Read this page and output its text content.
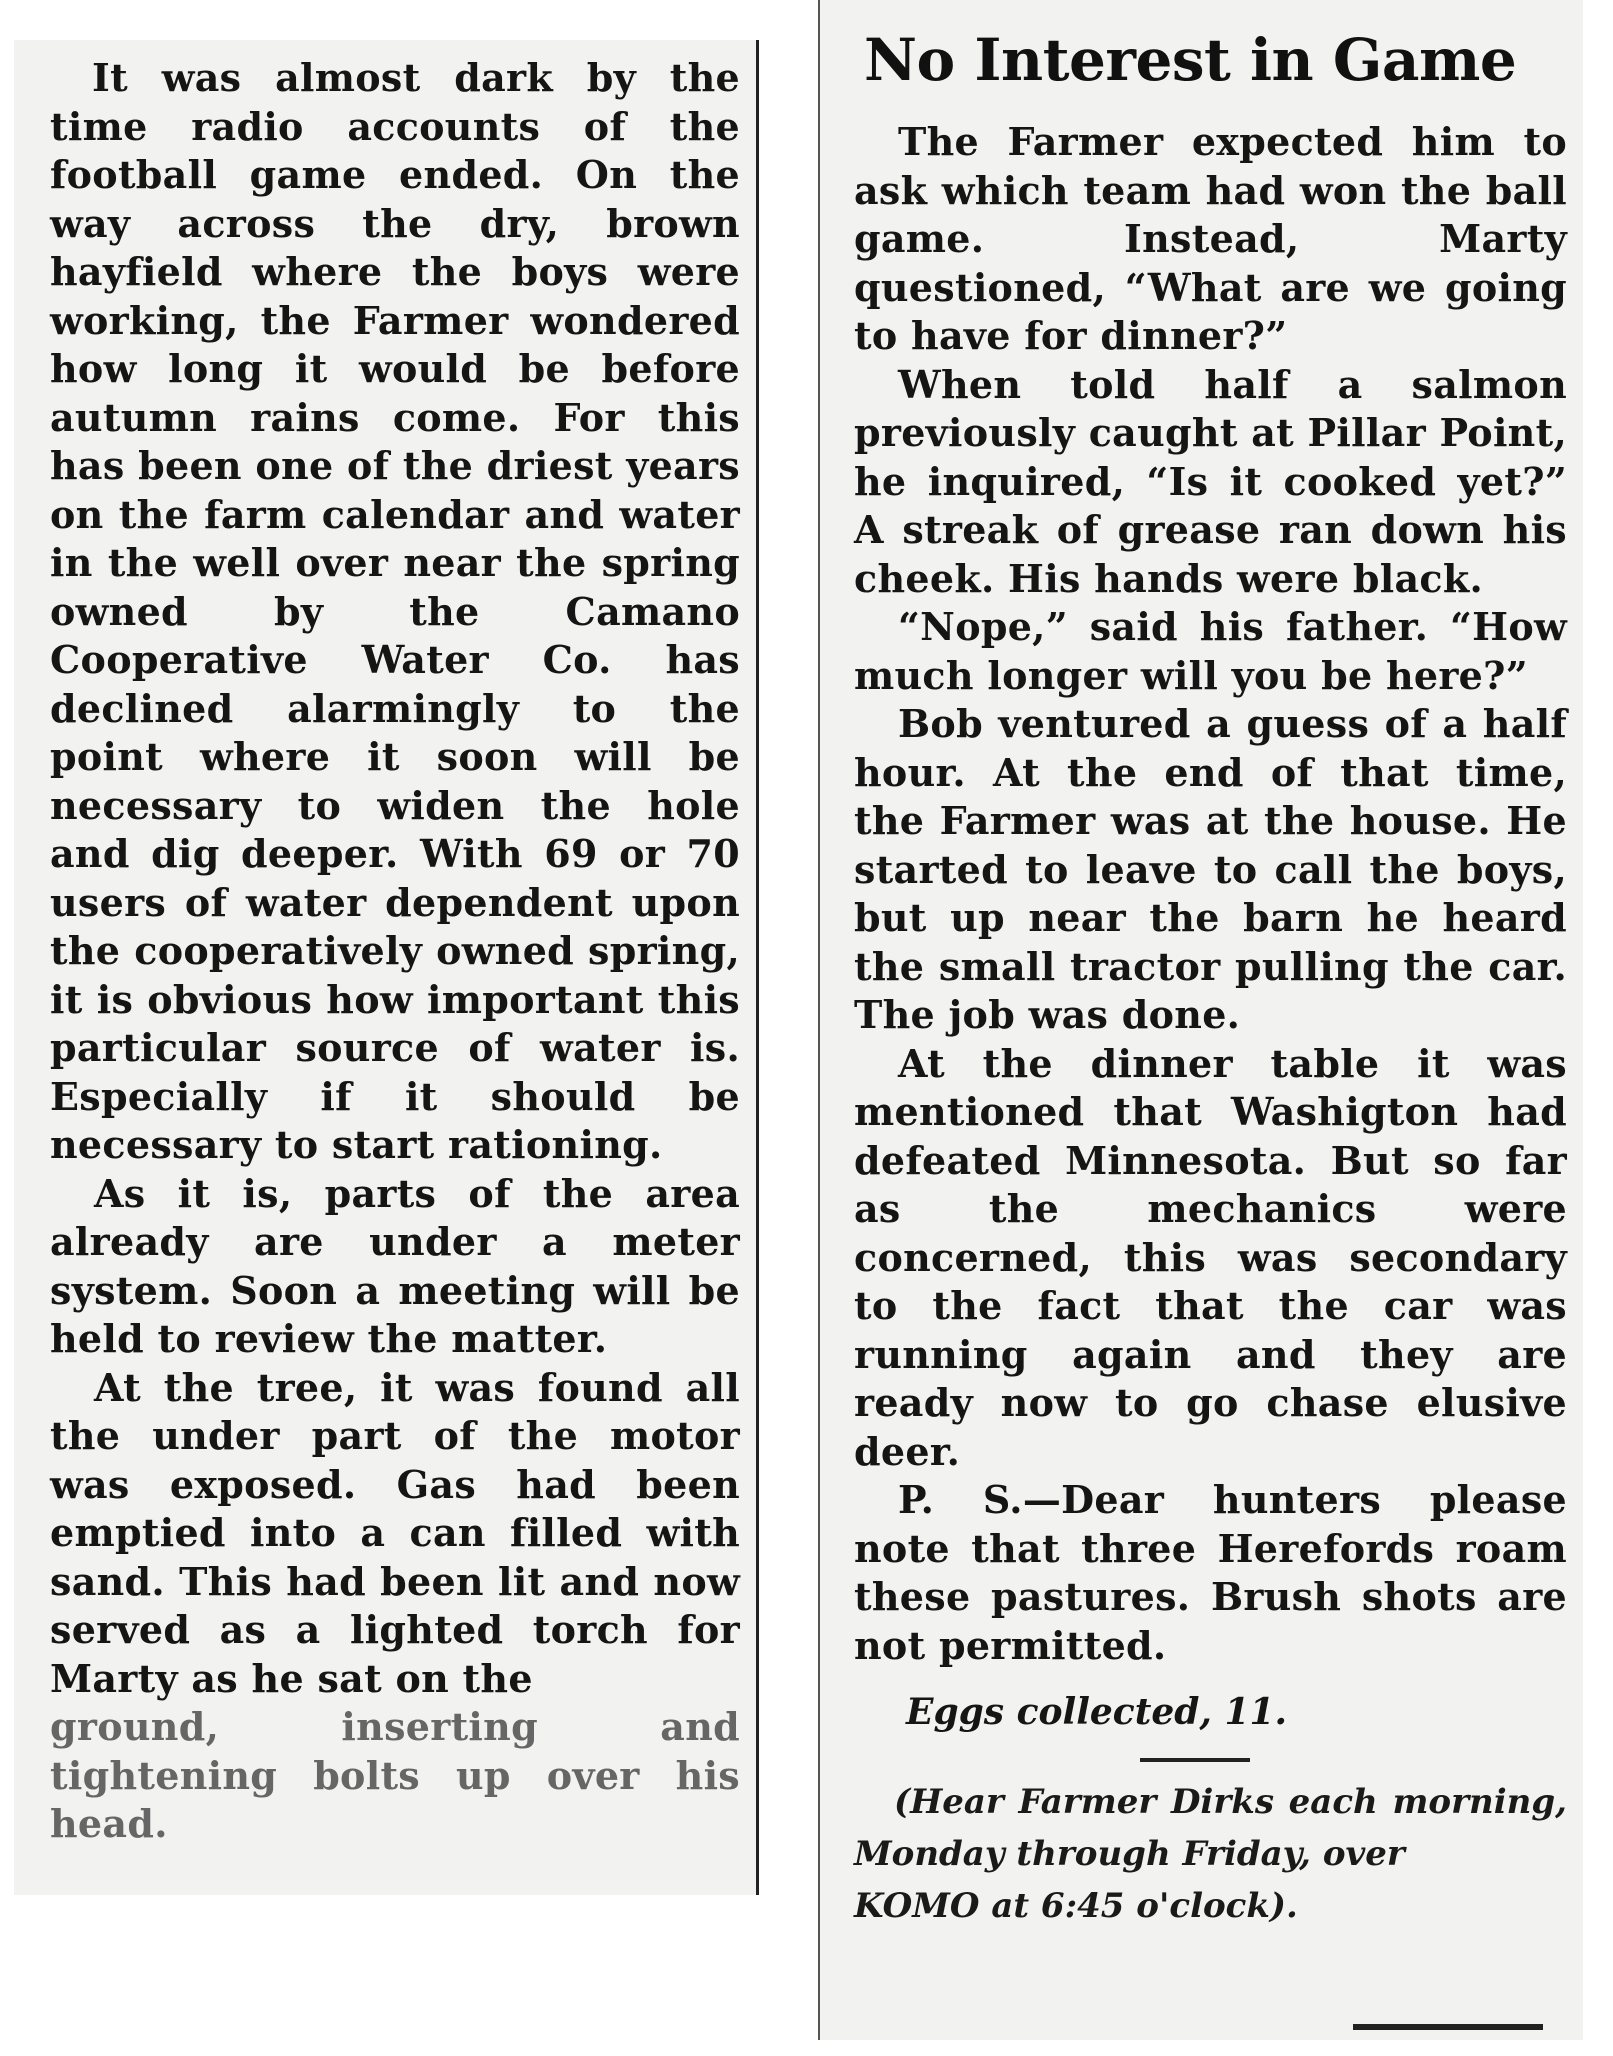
It was almost dark by the time radio accounts of the football game ended. On the way across the dry, brown hayfield where the boys were working, the Farmer wondered how long it would be before autumn rains come. For this has been one of the driest years on the farm calendar and water in the well over near the spring owned by the Camano Cooperative Water Co. has declined alarmingly to the point where it soon will be necessary to widen the hole and dig deeper. With 69 or 70 users of water dependent upon the cooperatively owned spring, it is obvious how important this particular source of water is. Especially if it should be necessary to start rationing.

As it is, parts of the area already are under a meter system. Soon a meeting will be held to review the matter.

At the tree, it was found all the under part of the motor was exposed. Gas had been emptied into a can filled with sand. This had been lit and now served as a lighted torch for Marty as he sat on the

ground, inserting and tightening bolts up over his head.

No Interest in Game

The Farmer expected him to ask which team had won the ball game. Instead, Marty questioned, “What are we going to have for dinner?”

When told half a salmon previously caught at Pillar Point, he inquired, “Is it cooked yet?” A streak of grease ran down his cheek. His hands were black.

“Nope,” said his father. “How much longer will you be here?”

Bob ventured a guess of a half hour. At the end of that time, the Farmer was at the house. He started to leave to call the boys, but up near the barn he heard the small tractor pulling the car. The job was done.

At the dinner table it was mentioned that Washigton had defeated Minnesota. But so far as the mechanics were concerned, this was secondary to the fact that the car was running again and they are ready now to go chase elusive deer.

P. S.—Dear hunters please note that three Herefords roam these pastures. Brush shots are not permitted.

Eggs collected, 11.
(Hear Farmer Dirks each morning, Monday through Friday, over
KOMO at 6:45 o'clock).
